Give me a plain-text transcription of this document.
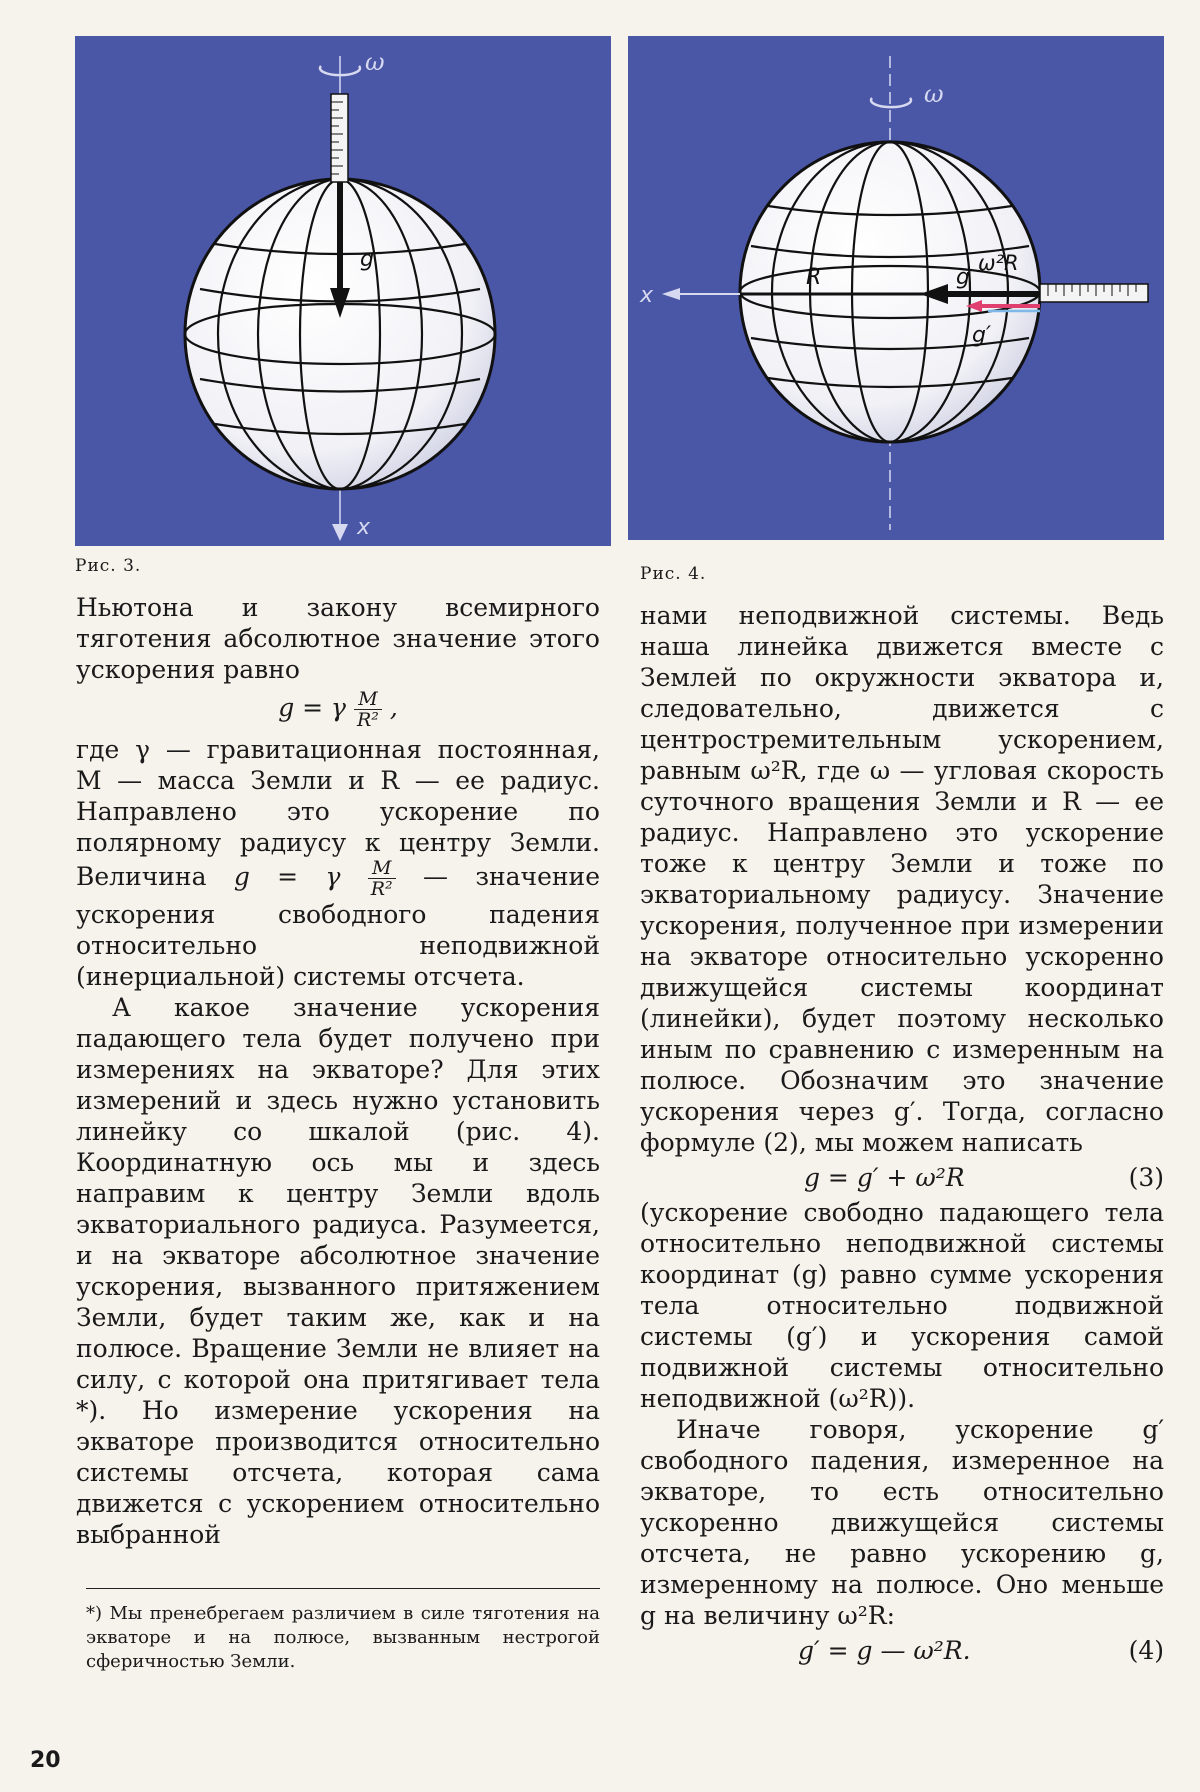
ω
g
x
Рис. 3.
ω
R	g
ω²R
g′
x
Рис. 4.

Ньютона и закону всемирного тяготения абсолютное значение этого ускорения равно

g = γ $\frac{M}{\text{R²}}$ ,

где γ — гравитационная постоянная, M — масса Земли и R — ее радиус. Направлено это ускорение по полярному радиусу к центру Земли. Величина g = γ $\frac{M}{\text{R²}}$ — значение ускорения свободного падения относительно неподвижной (инерциальной) системы отсчета.

А какое значение ускорения падающего тела будет получено при измерениях на экваторе? Для этих измерений и здесь нужно установить линейку со шкалой (рис. 4). Координатную ось мы и здесь направим к центру Земли вдоль экваториального радиуса. Разумеется, и на экваторе абсолютное значение ускорения, вызванного притяжением Земли, будет таким же, как и на полюсе. Вращение Земли не влияет на силу, с которой она притягивает тела *). Но измерение ускорения на экваторе производится относительно системы отсчета, которая сама движется с ускорением относительно выбранной

нами неподвижной системы. Ведь наша линейка движется вместе с Землей по окружности экватора и, следовательно, движется с центростремительным ускорением, равным ω²R, где ω — угловая скорость суточного вращения Земли и R — ее радиус. Направлено это ускорение тоже к центру Земли и тоже по экваториальному радиусу. Значение ускорения, полученное при измерении на экваторе относительно ускоренно движущейся системы координат (линейки), будет поэтому несколько иным по сравнению с измеренным на полюсе. Обозначим это значение ускорения через g′. Тогда, согласно формуле (2), мы можем написать

g = g′ + ω²R	(3)

(ускорение свободно падающего тела относительно неподвижной системы координат (g) равно сумме ускорения тела относительно подвижной системы (g′) и ускорения самой подвижной системы относительно неподвижной (ω²R)).

Иначе говоря, ускорение g′ свободного падения, измеренное на экваторе, то есть относительно ускоренно движущейся системы отсчета, не равно ускорению g, измеренному на полюсе. Оно меньше g на величину ω²R:

g′ = g — ω²R.	(4)
*) Мы пренебрегаем различием в силе тяготения на экваторе и на полюсе, вызванным нестрогой сферичностью Земли.
20
